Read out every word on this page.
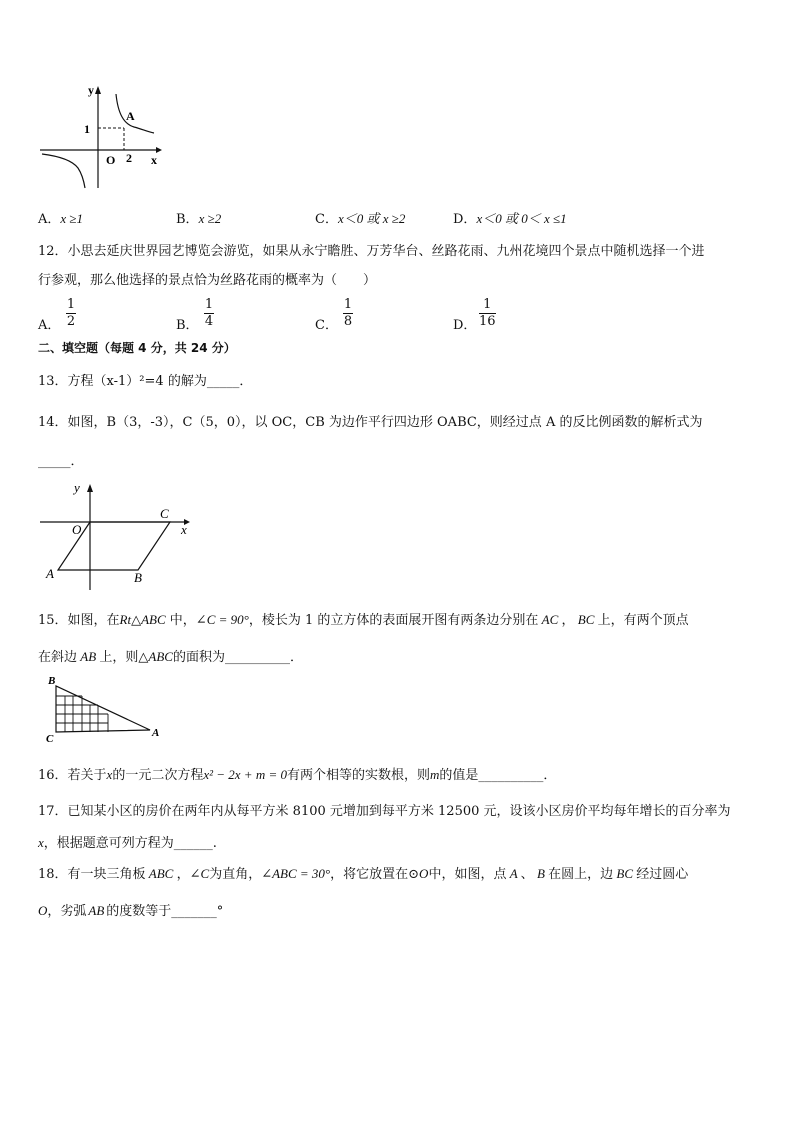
y
x
1
O 2
A
A．x ≥1	B．x ≥2	C．x＜0 或 x ≥2	D．x＜0 或 0＜ x ≤1
12．小思去延庆世界园艺博览会游览，如果从永宁瞻胜、万芳华台、丝路花雨、九州花境四个景点中随机选择一个进
行参观，那么他选择的景点恰为丝路花雨的概率为（　　）
A．
1
2	B．
1
4	C．
1
8	D．
1
16
二、填空题（每题 4 分，共 24 分）
13．方程（x-1）²=4 的解为_____．
14．如图，B（3，-3），C（5，0），以 OC，CB 为边作平行四边形 OABC，则经过点 A 的反比例函数的解析式为
_____．
y
x
O
C
A	B
15．如图，在Rt△ABC 中，∠C = 90°，棱长为 1 的立方体的表面展开图有两条边分别在 AC ， BC 上，有两个顶点
在斜边 AB 上，则△ABC的面积为__________．
B
C	A
16．若关于x的一元二次方程x² − 2x + m = 0有两个相等的实数根，则m的值是__________．
17．已知某小区的房价在两年内从每平方米 8100 元增加到每平方米 12500 元，设该小区房价平均每年增长的百分率为
x，根据题意可列方程为______.
18．有一块三角板 ABC ，∠C为直角，∠ABC = 30°，将它放置在⊙O中，如图，点 A 、 B 在圆上，边 BC 经过圆心
O，劣弧 AB 的度数等于_______°
